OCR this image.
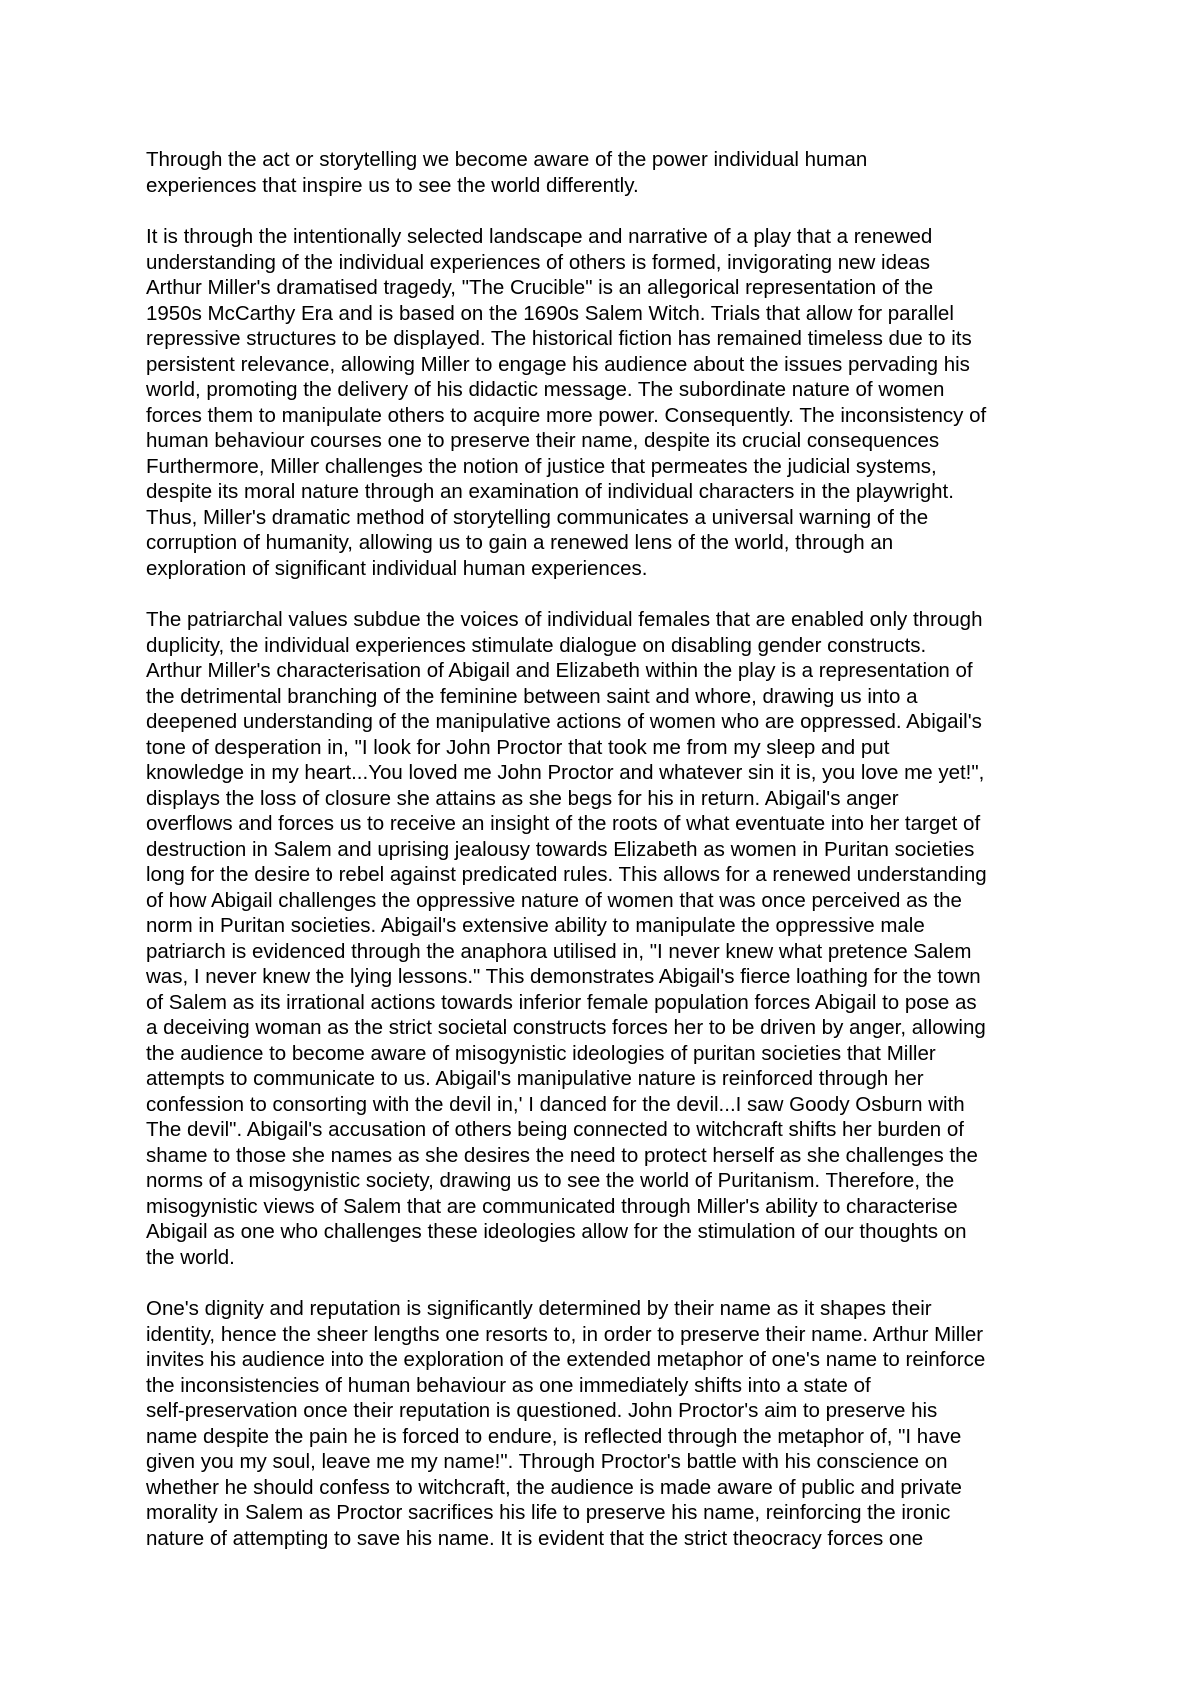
Through the act or storytelling we become aware of the power individual human
experiences that inspire us to see the world differently.
It is through the intentionally selected landscape and narrative of a play that a renewed
understanding of the individual experiences of others is formed, invigorating new ideas
Arthur Miller's dramatised tragedy, "The Crucible" is an allegorical representation of the
1950s McCarthy Era and is based on the 1690s Salem Witch. Trials that allow for parallel
repressive structures to be displayed. The historical fiction has remained timeless due to its
persistent relevance, allowing Miller to engage his audience about the issues pervading his
world, promoting the delivery of his didactic message. The subordinate nature of women
forces them to manipulate others to acquire more power. Consequently. The inconsistency of
human behaviour courses one to preserve their name, despite its crucial consequences
Furthermore, Miller challenges the notion of justice that permeates the judicial systems,
despite its moral nature through an examination of individual characters in the playwright.
Thus, Miller's dramatic method of storytelling communicates a universal warning of the
corruption of humanity, allowing us to gain a renewed lens of the world, through an
exploration of significant individual human experiences.
The patriarchal values subdue the voices of individual females that are enabled only through
duplicity, the individual experiences stimulate dialogue on disabling gender constructs.
Arthur Miller's characterisation of Abigail and Elizabeth within the play is a representation of
the detrimental branching of the feminine between saint and whore, drawing us into a
deepened understanding of the manipulative actions of women who are oppressed. Abigail's
tone of desperation in, "I look for John Proctor that took me from my sleep and put
knowledge in my heart...You loved me John Proctor and whatever sin it is, you love me yet!",
displays the loss of closure she attains as she begs for his in return. Abigail's anger
overflows and forces us to receive an insight of the roots of what eventuate into her target of
destruction in Salem and uprising jealousy towards Elizabeth as women in Puritan societies
long for the desire to rebel against predicated rules. This allows for a renewed understanding
of how Abigail challenges the oppressive nature of women that was once perceived as the
norm in Puritan societies. Abigail's extensive ability to manipulate the oppressive male
patriarch is evidenced through the anaphora utilised in, "I never knew what pretence Salem
was, I never knew the lying lessons." This demonstrates Abigail's fierce loathing for the town
of Salem as its irrational actions towards inferior female population forces Abigail to pose as
a deceiving woman as the strict societal constructs forces her to be driven by anger, allowing
the audience to become aware of misogynistic ideologies of puritan societies that Miller
attempts to communicate to us. Abigail's manipulative nature is reinforced through her
confession to consorting with the devil in,' I danced for the devil...I saw Goody Osburn with
The devil". Abigail's accusation of others being connected to witchcraft shifts her burden of
shame to those she names as she desires the need to protect herself as she challenges the
norms of a misogynistic society, drawing us to see the world of Puritanism. Therefore, the
misogynistic views of Salem that are communicated through Miller's ability to characterise
Abigail as one who challenges these ideologies allow for the stimulation of our thoughts on
the world.
One's dignity and reputation is significantly determined by their name as it shapes their
identity, hence the sheer lengths one resorts to, in order to preserve their name. Arthur Miller
invites his audience into the exploration of the extended metaphor of one's name to reinforce
the inconsistencies of human behaviour as one immediately shifts into a state of
self-preservation once their reputation is questioned. John Proctor's aim to preserve his
name despite the pain he is forced to endure, is reflected through the metaphor of, "I have
given you my soul, leave me my name!". Through Proctor's battle with his conscience on
whether he should confess to witchcraft, the audience is made aware of public and private
morality in Salem as Proctor sacrifices his life to preserve his name, reinforcing the ironic
nature of attempting to save his name. It is evident that the strict theocracy forces one
